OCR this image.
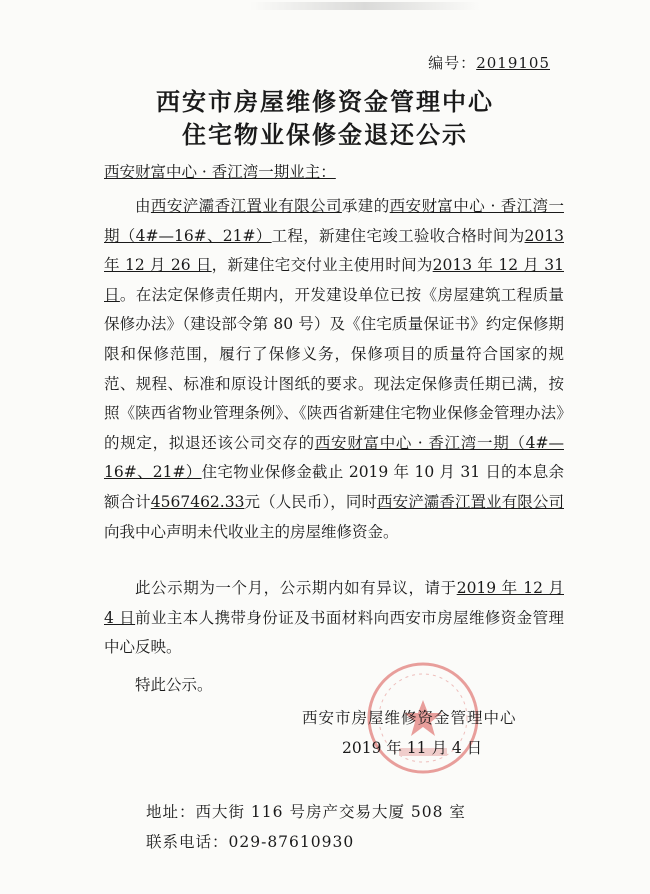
编号：2019105
西安市房屋维修资金管理中心
住宅物业保修金退还公示
西安财富中心 · 香江湾一期业主：
由西安浐灞香江置业有限公司承建的西安财富中心 · 香江湾一期（4#—16#、21#）工程，新建住宅竣工验收合格时间为2013 年 12 月 26 日，新建住宅交付业主使用时间为2013 年 12 月 31 日。在法定保修责任期内，开发建设单位已按《房屋建筑工程质量保修办法》（建设部令第 80 号）及《住宅质量保证书》约定保修期限和保修范围，履行了保修义务，保修项目的质量符合国家的规范、规程、标准和原设计图纸的要求。现法定保修责任期已满，按照《陕西省物业管理条例》、《陕西省新建住宅物业保修金管理办法》的规定，拟退还该公司交存的西安财富中心 · 香江湾一期（4#—16#、21#）住宅物业保修金截止 2019 年 10 月 31 日的本息余额合计4567462.33元（人民币），同时西安浐灞香江置业有限公司向我中心声明未代收业主的房屋维修资金。
此公示期为一个月，公示期内如有异议，请于2019 年 12 月 4 日前业主本人携带身份证及书面材料向西安市房屋维修资金管理中心反映。
特此公示。
西安市房屋维修资金管理中心
2019 年 11 月 4 日
地址：西大街 116 号房产交易大厦 508 室
联系电话：029-87610930
